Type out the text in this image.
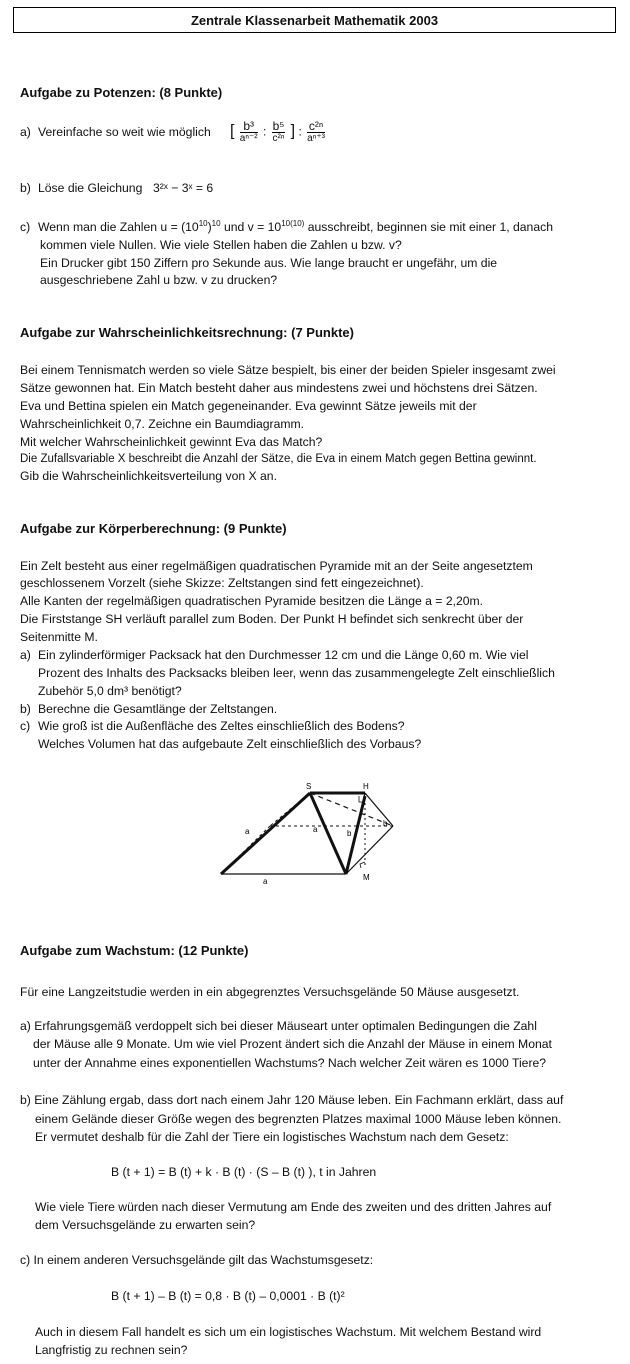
Zentrale Klassenarbeit Mathematik 2003
Aufgabe zu Potenzen: (8 Punkte)
a) Vereinfache so weit wie möglich [ $\frac{\text{b³}}{\text{aⁿ⁻²}}$ : $\frac{\text{b⁵}}{\text{c²ⁿ}}$ ] : $\frac{\text{c²ⁿ}}{\text{aⁿ⁺³}}$
b) Löse die Gleichung 3²ˣ − 3ˣ = 6
c) Wenn man die Zahlen $u = (10^{10})^{10}$ und $v = 10^{10(10)}$ ausschreibt, beginnen sie mit einer 1, danach
kommen viele Nullen. Wie viele Stellen haben die Zahlen u bzw. v?
Ein Drucker gibt 150 Ziffern pro Sekunde aus. Wie lange braucht er ungefähr, um die
ausgeschriebene Zahl u bzw. v zu drucken?
Aufgabe zur Wahrscheinlichkeitsrechnung: (7 Punkte)
Bei einem Tennismatch werden so viele Sätze bespielt, bis einer der beiden Spieler insgesamt zwei
Sätze gewonnen hat. Ein Match besteht daher aus mindestens zwei und höchstens drei Sätzen.
Eva und Bettina spielen ein Match gegeneinander. Eva gewinnt Sätze jeweils mit der
Wahrscheinlichkeit 0,7. Zeichne ein Baumdiagramm.
Mit welcher Wahrscheinlichkeit gewinnt Eva das Match?
Die Zufallsvariable X beschreibt die Anzahl der Sätze, die Eva in einem Match gegen Bettina gewinnt.
Gib die Wahrscheinlichkeitsverteilung von X an.
Aufgabe zur Körperberechnung: (9 Punkte)
Ein Zelt besteht aus einer regelmäßigen quadratischen Pyramide mit an der Seite angesetztem
geschlossenem Vorzelt (siehe Skizze: Zeltstangen sind fett eingezeichnet).
Alle Kanten der regelmäßigen quadratischen Pyramide besitzen die Länge a = 2,20m.
Die Firststange SH verläuft parallel zum Boden. Der Punkt H befindet sich senkrecht über der
Seitenmitte M.
a) Ein zylinderförmiger Packsack hat den Durchmesser 12 cm und die Länge 0,60 m. Wie viel
Prozent des Inhalts des Packsacks bleiben leer, wenn das zusammengelegte Zelt einschließlich
Zubehör 5,0 dm³ benötigt?
b) Berechne die Gesamtlänge der Zeltstangen.
c) Wie groß ist die Außenfläche des Zeltes einschließlich des Bodens?
Welches Volumen hat das aufgebaute Zelt einschließlich des Vorbaus?
S	H
M
a	a
a
b
b
Aufgabe zum Wachstum: (12 Punkte)
Für eine Langzeitstudie werden in ein abgegrenztes Versuchsgelände 50 Mäuse ausgesetzt.
a) Erfahrungsgemäß verdoppelt sich bei dieser Mäuseart unter optimalen Bedingungen die Zahl
der Mäuse alle 9 Monate. Um wie viel Prozent ändert sich die Anzahl der Mäuse in einem Monat
unter der Annahme eines exponentiellen Wachstums? Nach welcher Zeit wären es 1000 Tiere?
b) Eine Zählung ergab, dass dort nach einem Jahr 120 Mäuse leben. Ein Fachmann erklärt, dass auf
einem Gelände dieser Größe wegen des begrenzten Platzes maximal 1000 Mäuse leben können.
Er vermutet deshalb für die Zahl der Tiere ein logistisches Wachstum nach dem Gesetz:
B (t + 1) = B (t) + k · B (t) · (S – B (t) ), t in Jahren
Wie viele Tiere würden nach dieser Vermutung am Ende des zweiten und des dritten Jahres auf
dem Versuchsgelände zu erwarten sein?
c) In einem anderen Versuchsgelände gilt das Wachstumsgesetz:
B (t + 1) – B (t) = 0,8 · B (t) – 0,0001 · B (t)²
Auch in diesem Fall handelt es sich um ein logistisches Wachstum. Mit welchem Bestand wird
Langfristig zu rechnen sein?
